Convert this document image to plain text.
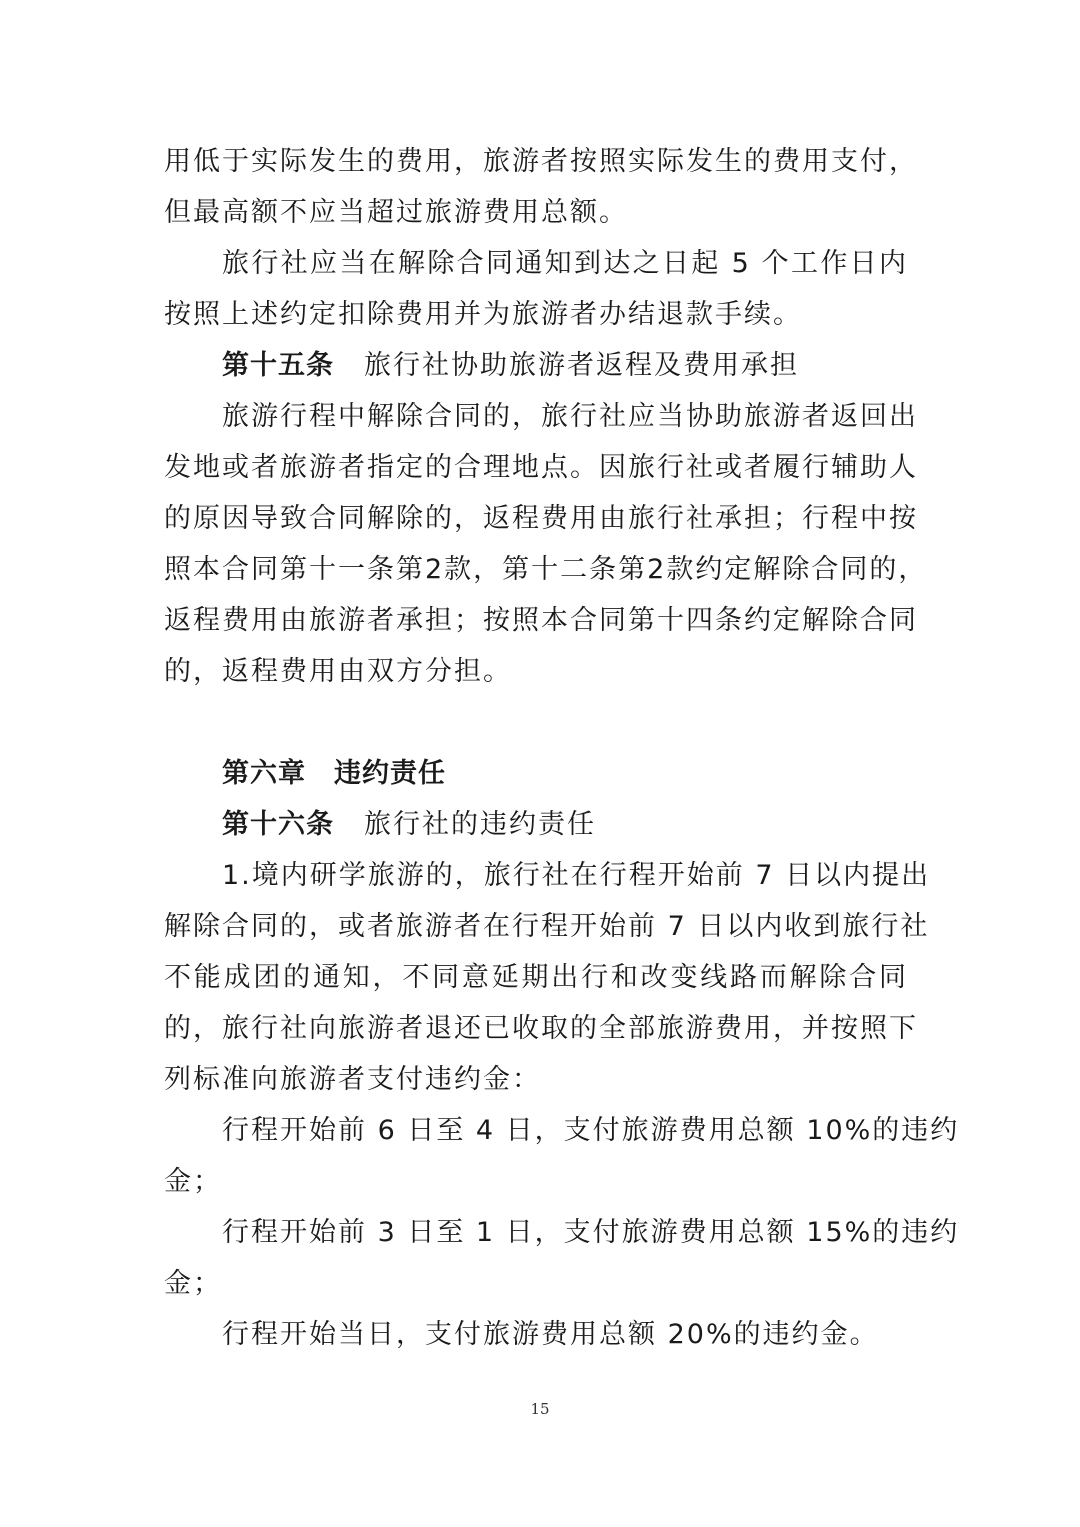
用低于实际发生的费用，旅游者按照实际发生的费用支付，
但最高额不应当超过旅游费用总额。
旅行社应当在解除合同通知到达之日起 5 个工作日内
按照上述约定扣除费用并为旅游者办结退款手续。
第十五条 旅行社协助旅游者返程及费用承担
旅游行程中解除合同的，旅行社应当协助旅游者返回出
发地或者旅游者指定的合理地点。因旅行社或者履行辅助人
的原因导致合同解除的，返程费用由旅行社承担；行程中按
照本合同第十一条第2款，第十二条第2款约定解除合同的，
返程费用由旅游者承担；按照本合同第十四条约定解除合同
的，返程费用由双方分担。
第六章　违约责任
第十六条 旅行社的违约责任
1.境内研学旅游的，旅行社在行程开始前 7 日以内提出
解除合同的，或者旅游者在行程开始前 7 日以内收到旅行社
不能成团的通知，不同意延期出行和改变线路而解除合同
的，旅行社向旅游者退还已收取的全部旅游费用，并按照下
列标准向旅游者支付违约金：
行程开始前 6 日至 4 日，支付旅游费用总额 10%的违约
金；
行程开始前 3 日至 1 日，支付旅游费用总额 15%的违约
金；
行程开始当日，支付旅游费用总额 20%的违约金。
15
